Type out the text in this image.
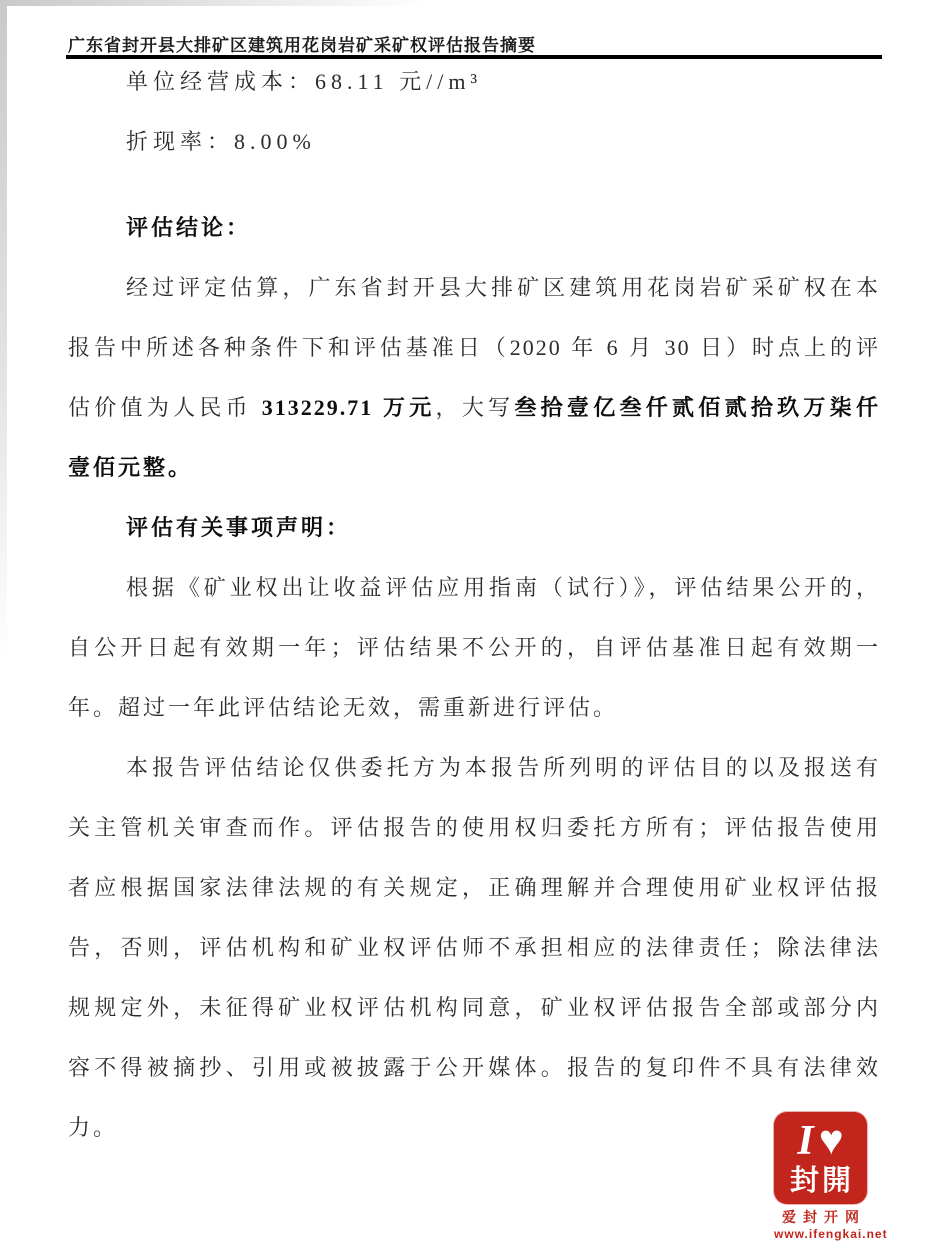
广东省封开县大排矿区建筑用花岗岩矿采矿权评估报告摘要
单位经营成本：68.11 元//m³
折现率：8.00%
评估结论：
经过评定估算，广东省封开县大排矿区建筑用花岗岩矿采矿权在本
报告中所述各种条件下和评估基准日（2020 年 6 月 30 日）时点上的评
估价值为人民币 313229.71 万元，大写叁拾壹亿叁仟贰佰贰拾玖万柒仟
壹佰元整。
评估有关事项声明：
根据《矿业权出让收益评估应用指南（试行）》，评估结果公开的，
自公开日起有效期一年；评估结果不公开的，自评估基准日起有效期一
年。超过一年此评估结论无效，需重新进行评估。
本报告评估结论仅供委托方为本报告所列明的评估目的以及报送有
关主管机关审查而作。评估报告的使用权归委托方所有；评估报告使用
者应根据国家法律法规的有关规定，正确理解并合理使用矿业权评估报
告，否则，评估机构和矿业权评估师不承担相应的法律责任；除法律法
规规定外，未征得矿业权评估机构同意，矿业权评估报告全部或部分内
容不得被摘抄、引用或被披露于公开媒体。报告的复印件不具有法律效
力。	I ♥
封開
爱封开网
www.ifengkai.net
